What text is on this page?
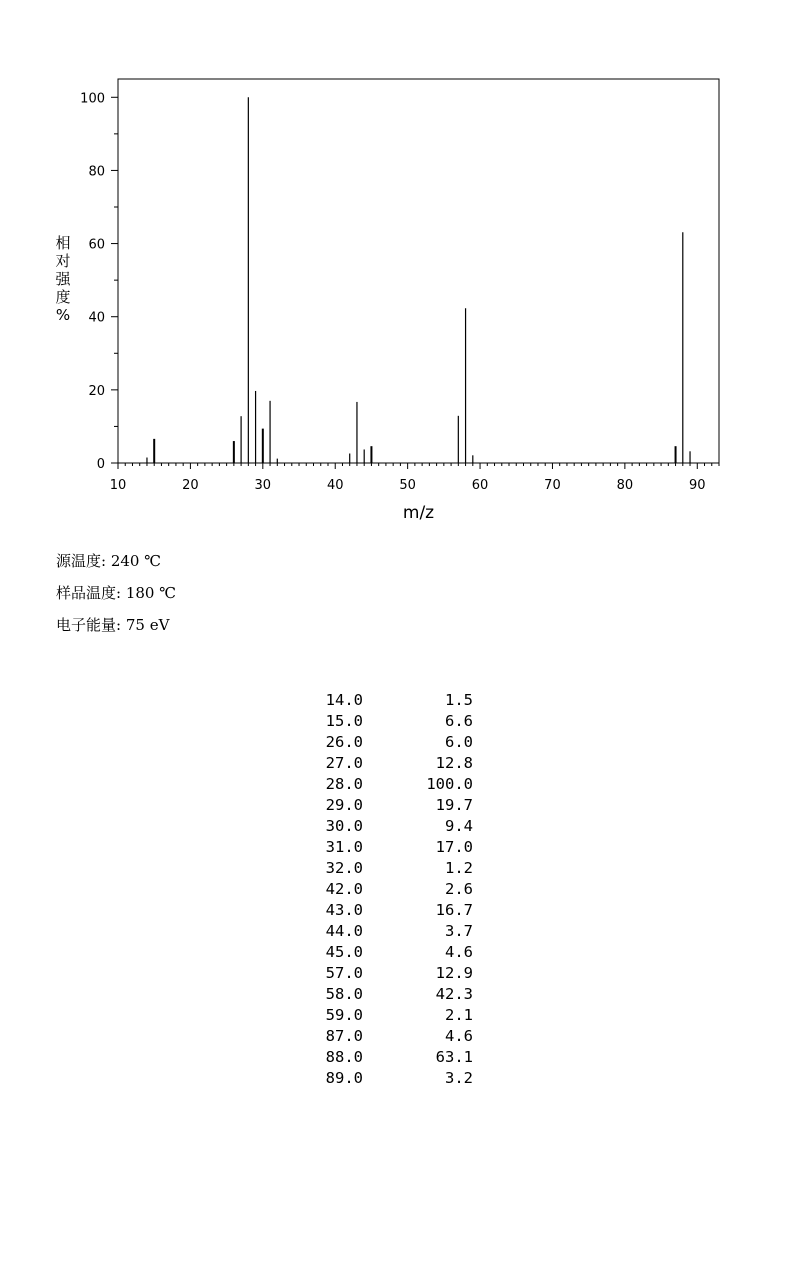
10	20	30	40	50	60	70	80	90
0
20
40
60
80
100
m/z
相
对
强
度
%
源温度: 240 ℃
样品温度: 180 ℃
电子能量: 75 eV
14.0	1.5
15.0	6.6
26.0	6.0
27.0	12.8
28.0	100.0
29.0	19.7
30.0	9.4
31.0	17.0
32.0	1.2
42.0	2.6
43.0	16.7
44.0	3.7
45.0	4.6
57.0	12.9
58.0	42.3
59.0	2.1
87.0	4.6
88.0	63.1
89.0	3.2
